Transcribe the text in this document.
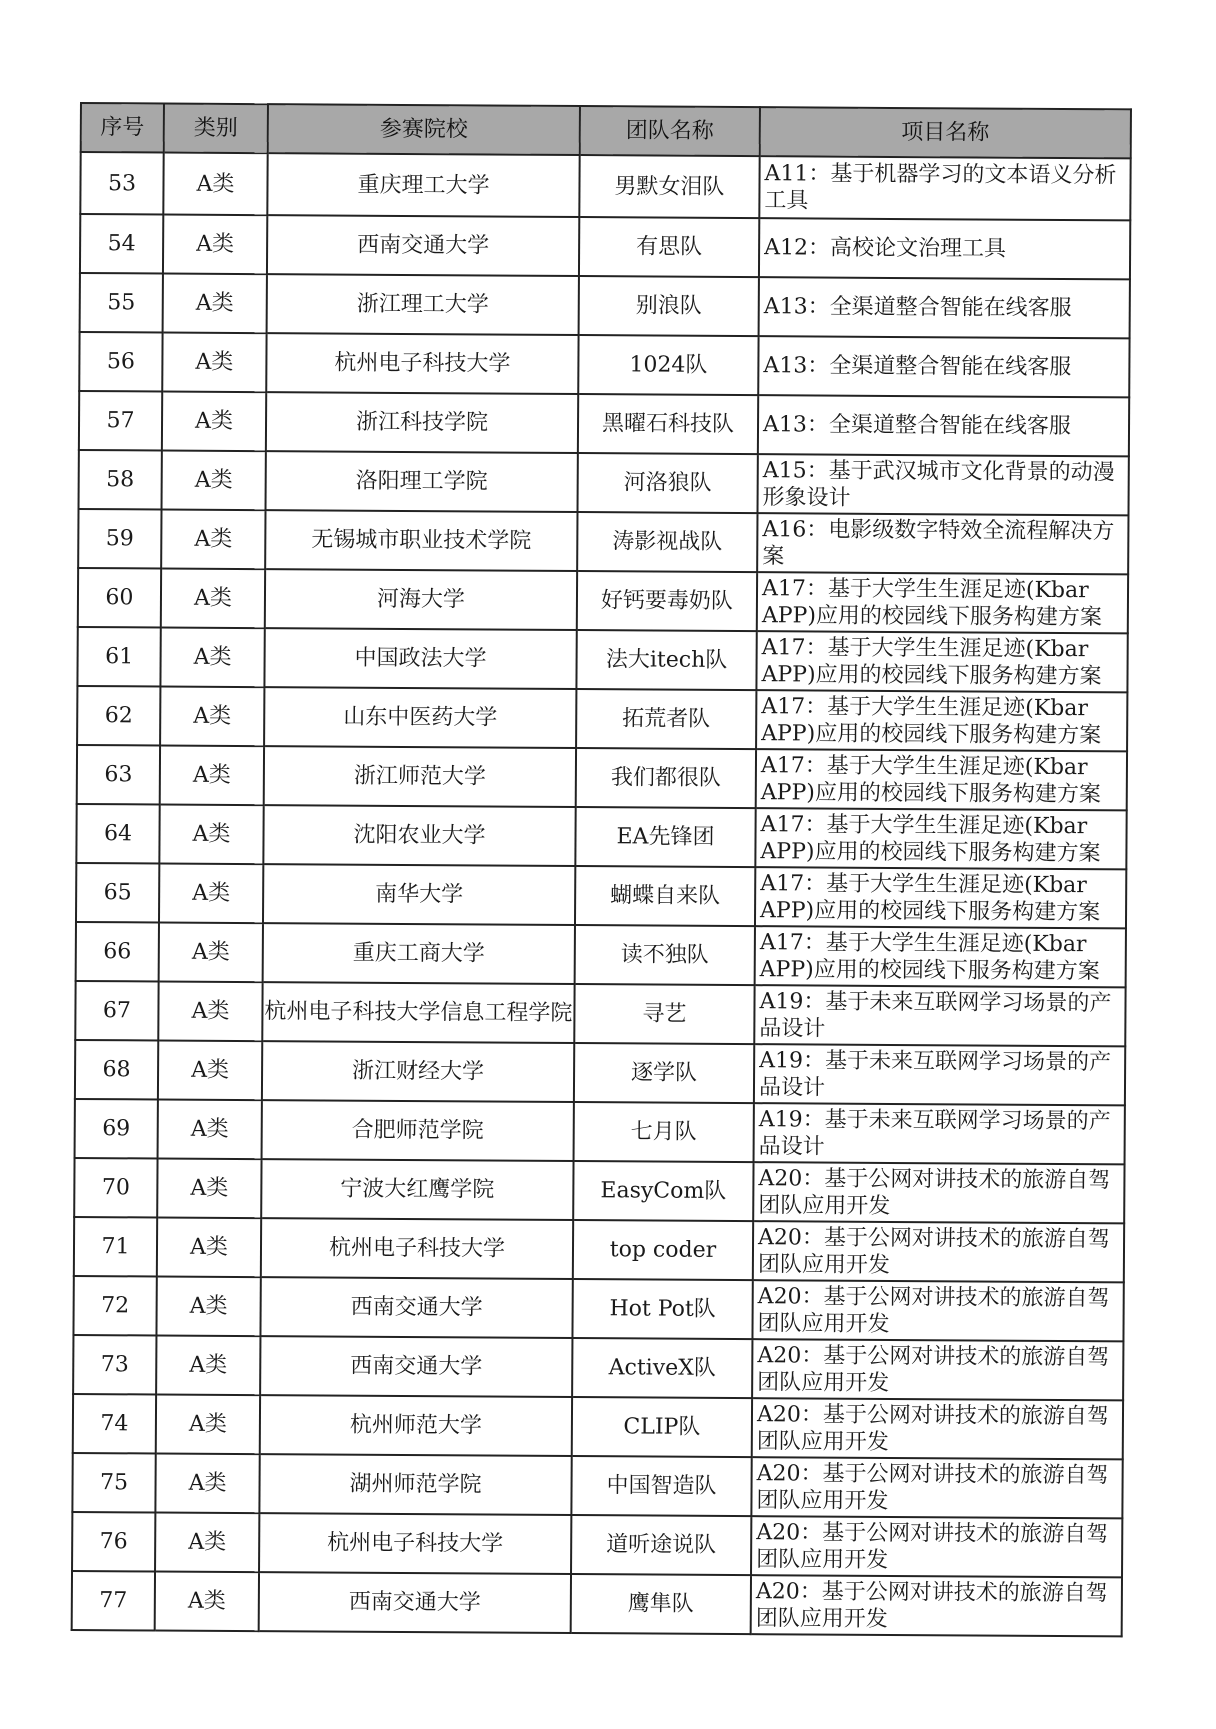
序号	类别	参赛院校	团队名称	项目名称
53	A类	重庆理工大学	男默女泪队	A11：基于机器学习的文本语义分析工具
54	A类	西南交通大学	有思队	A12：高校论文治理工具
55	A类	浙江理工大学	别浪队	A13：全渠道整合智能在线客服
56	A类	杭州电子科技大学	1024队	A13：全渠道整合智能在线客服
57	A类	浙江科技学院	黑曜石科技队	A13：全渠道整合智能在线客服
58	A类	洛阳理工学院	河洛狼队	A15：基于武汉城市文化背景的动漫形象设计
59	A类	无锡城市职业技术学院	涛影视战队	A16：电影级数字特效全流程解决方案
60	A类	河海大学	好钙要毒奶队	A17：基于大学生生涯足迹(Kbar APP)应用的校园线下服务构建方案
61	A类	中国政法大学	法大itech队	A17：基于大学生生涯足迹(Kbar APP)应用的校园线下服务构建方案
62	A类	山东中医药大学	拓荒者队	A17：基于大学生生涯足迹(Kbar APP)应用的校园线下服务构建方案
63	A类	浙江师范大学	我们都很队	A17：基于大学生生涯足迹(Kbar APP)应用的校园线下服务构建方案
64	A类	沈阳农业大学	EA先锋团	A17：基于大学生生涯足迹(Kbar APP)应用的校园线下服务构建方案
65	A类	南华大学	蝴蝶自来队	A17：基于大学生生涯足迹(Kbar APP)应用的校园线下服务构建方案
66	A类	重庆工商大学	读不独队	A17：基于大学生生涯足迹(Kbar APP)应用的校园线下服务构建方案
67	A类	杭州电子科技大学信息工程学院	寻艺	A19：基于未来互联网学习场景的产品设计
68	A类	浙江财经大学	逐学队	A19：基于未来互联网学习场景的产品设计
69	A类	合肥师范学院	七月队	A19：基于未来互联网学习场景的产品设计
70	A类	宁波大红鹰学院	EasyCom队	A20：基于公网对讲技术的旅游自驾团队应用开发
71	A类	杭州电子科技大学	top coder	A20：基于公网对讲技术的旅游自驾团队应用开发
72	A类	西南交通大学	Hot Pot队	A20：基于公网对讲技术的旅游自驾团队应用开发
73	A类	西南交通大学	ActiveX队	A20：基于公网对讲技术的旅游自驾团队应用开发
74	A类	杭州师范大学	CLIP队	A20：基于公网对讲技术的旅游自驾团队应用开发
75	A类	湖州师范学院	中国智造队	A20：基于公网对讲技术的旅游自驾团队应用开发
76	A类	杭州电子科技大学	道听途说队	A20：基于公网对讲技术的旅游自驾团队应用开发
77	A类	西南交通大学	鹰隼队	A20：基于公网对讲技术的旅游自驾团队应用开发
